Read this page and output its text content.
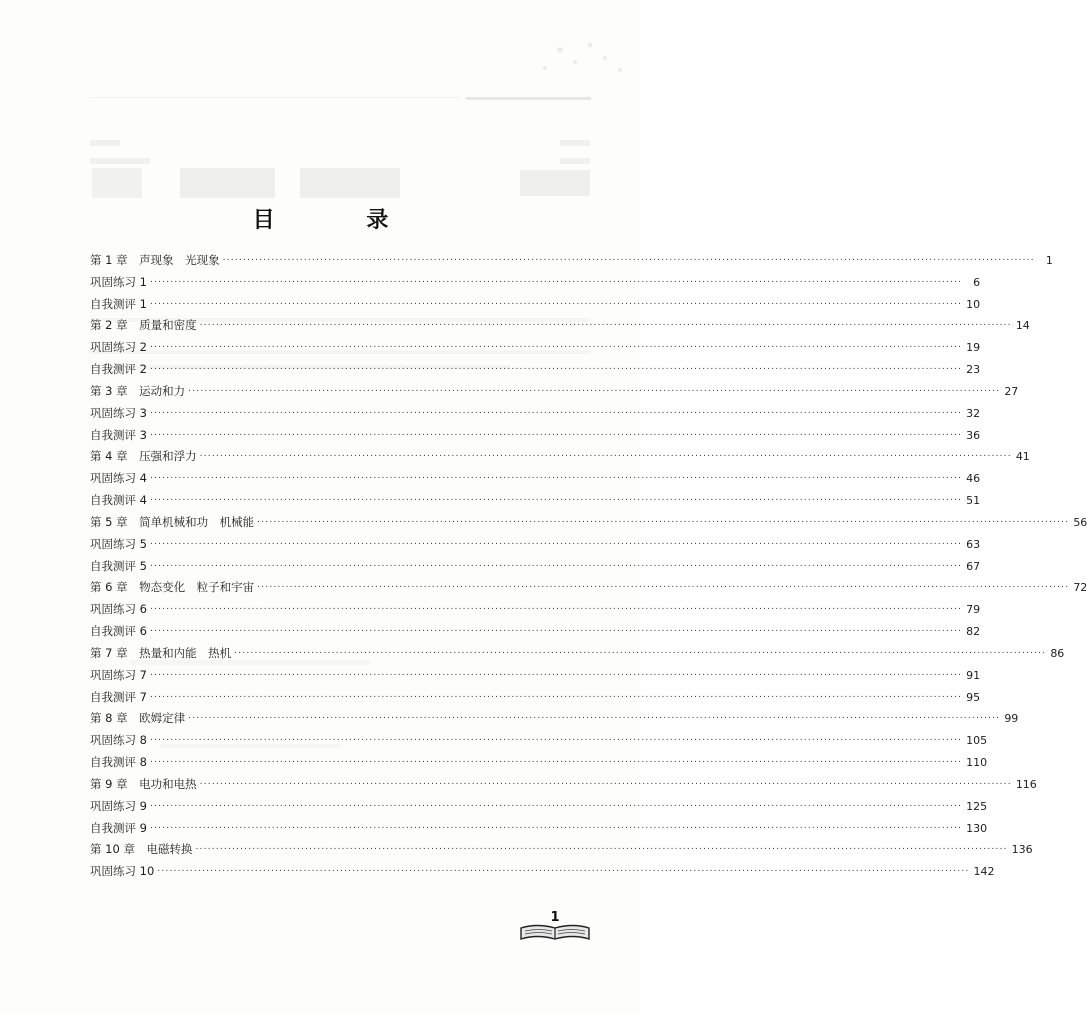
目 录
第 1 章　声现象　光现象 ........................................................................................................................................................................................................	1
巩固练习 1 ........................................................................................................................................................................................................	6
自我测评 1 ........................................................................................................................................................................................................ 10
第 2 章　质量和密度 ........................................................................................................................................................................................................ 14
巩固练习 2 ........................................................................................................................................................................................................ 19
自我测评 2 ........................................................................................................................................................................................................ 23
第 3 章　运动和力 ........................................................................................................................................................................................................ 27
巩固练习 3 ........................................................................................................................................................................................................ 32
自我测评 3 ........................................................................................................................................................................................................ 36
第 4 章　压强和浮力 ........................................................................................................................................................................................................ 41
巩固练习 4 ........................................................................................................................................................................................................ 46
自我测评 4 ........................................................................................................................................................................................................ 51
第 5 章　简单机械和功　机械能 ........................................................................................................................................................................................................ 56
巩固练习 5 ........................................................................................................................................................................................................ 63
自我测评 5 ........................................................................................................................................................................................................ 67
第 6 章　物态变化　粒子和宇宙 ........................................................................................................................................................................................................ 72
巩固练习 6 ........................................................................................................................................................................................................ 79
自我测评 6 ........................................................................................................................................................................................................ 82
第 7 章　热量和内能　热机 ........................................................................................................................................................................................................ 86
巩固练习 7 ........................................................................................................................................................................................................ 91
自我测评 7 ........................................................................................................................................................................................................ 95
第 8 章　欧姆定律 ........................................................................................................................................................................................................ 99
巩固练习 8 ........................................................................................................................................................................................................ 105
自我测评 8 ........................................................................................................................................................................................................ 110
第 9 章　电功和电热 ........................................................................................................................................................................................................ 116
巩固练习 9 ........................................................................................................................................................................................................ 125
自我测评 9 ........................................................................................................................................................................................................ 130
第 10 章　电磁转换 ........................................................................................................................................................................................................ 136
巩固练习 10 ........................................................................................................................................................................................................ 142
1
